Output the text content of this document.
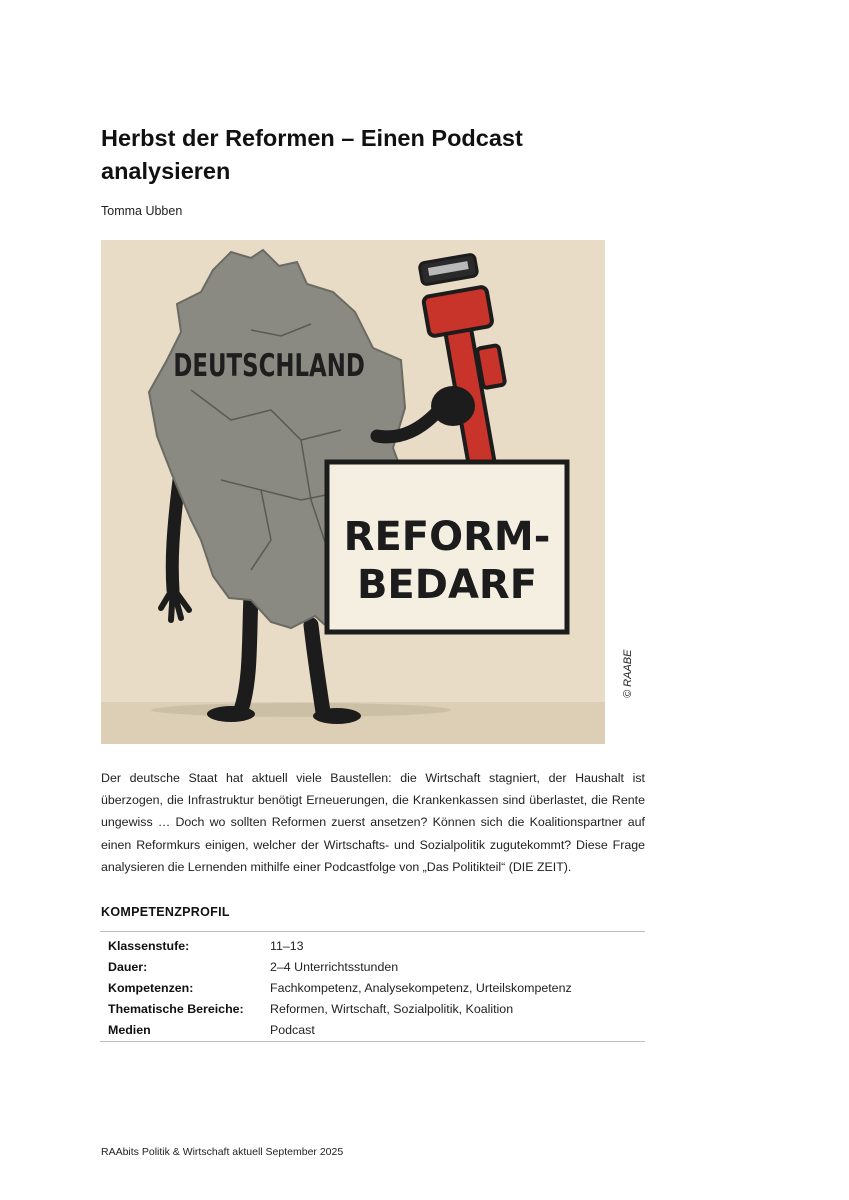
Herbst der Reformen – Einen Podcast analysieren
Tomma Ubben
DEUTSCHLAND
REFORM-
BEDARF
© RAABE

Der deutsche Staat hat aktuell viele Baustellen: die Wirtschaft stagniert, der Haushalt ist überzogen, die Infrastruktur benötigt Erneuerungen, die Krankenkassen sind überlastet, die Rente ungewiss … Doch wo sollten Reformen zuerst ansetzen? Können sich die Koalitionspartner auf einen Reformkurs einigen, welcher der Wirtschafts- und Sozialpolitik zugutekommt? Diese Frage analysieren die Lernenden mithilfe einer Podcastfolge von „Das Politikteil“ (DIE ZEIT).

KOMPETENZPROFIL
Klassenstufe:	11–13
Dauer:	2–4 Unterrichtsstunden
Kompetenzen:	Fachkompetenz, Analysekompetenz, Urteilskompetenz
Thematische Bereiche:	Reformen, Wirtschaft, Sozialpolitik, Koalition
Medien	Podcast
RAAbits Politik & Wirtschaft aktuell September 2025
